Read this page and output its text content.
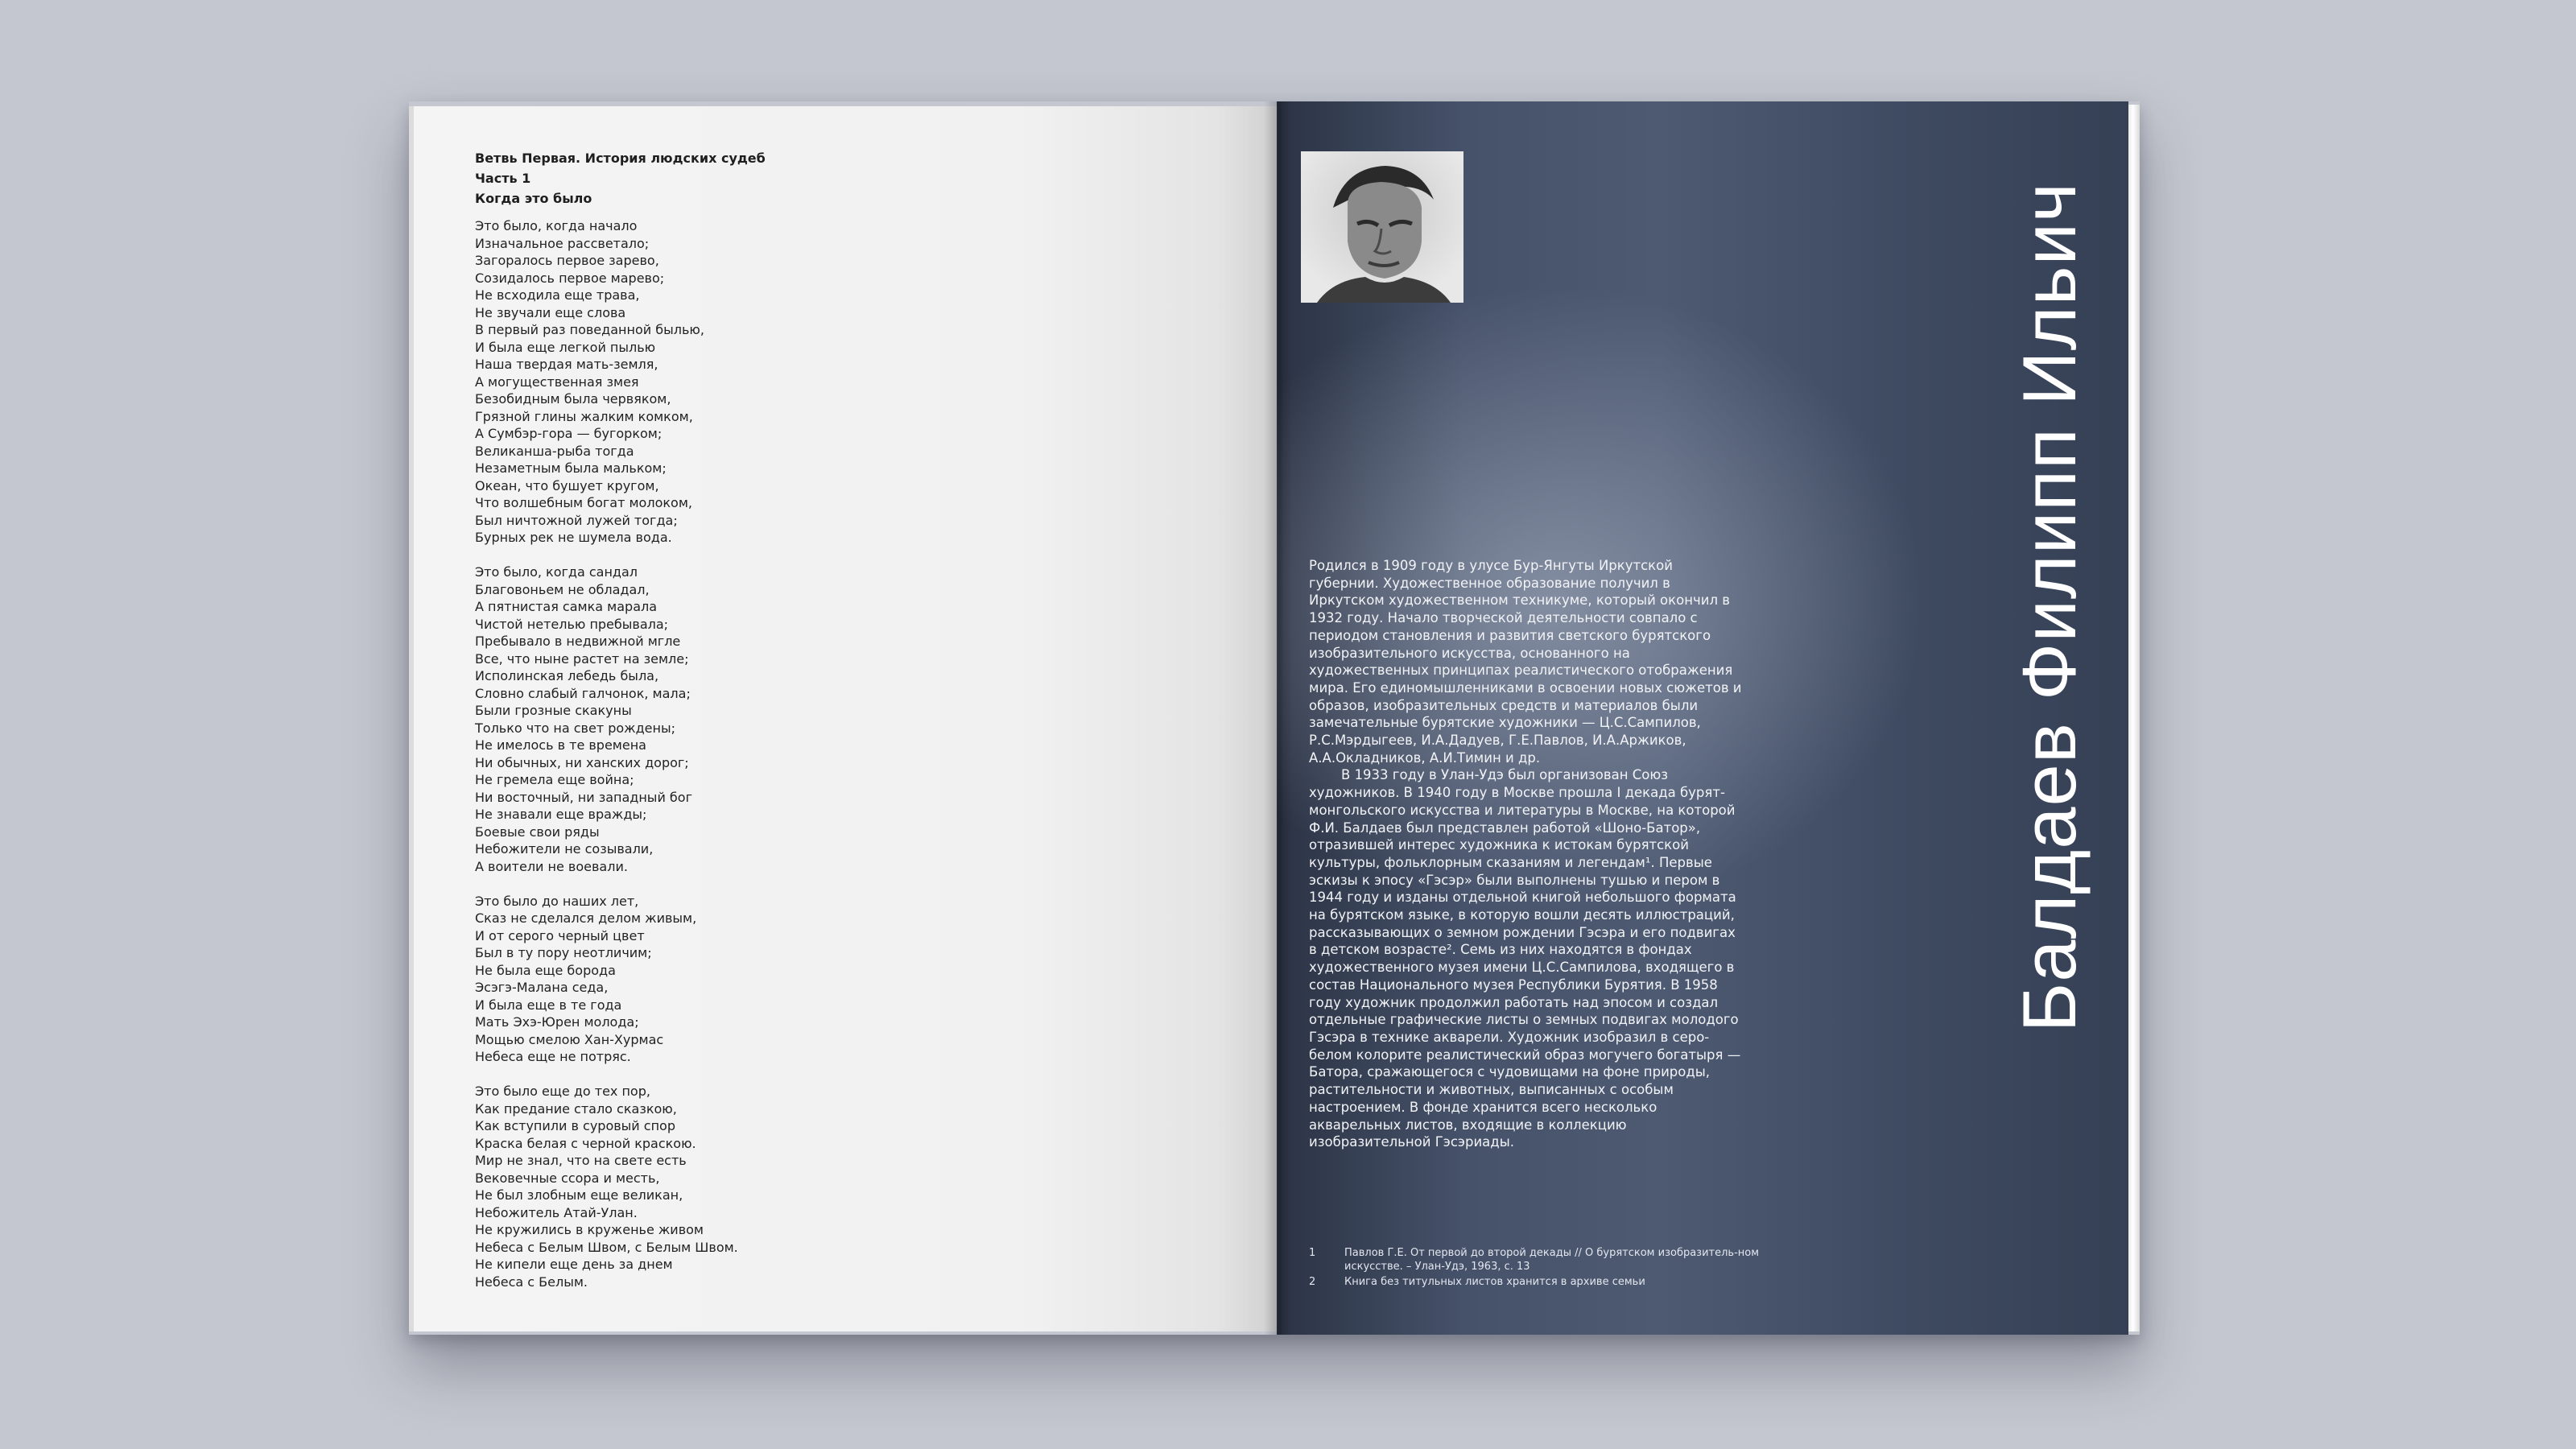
Ветвь Первая. История людских судеб
Часть 1
Когда это было
Это было, когда начало
Изначальное рассветало;
Загоралось первое зарево,
Созидалось первое марево;
Не всходила еще трава,
Не звучали еще слова
В первый раз поведанной былью,
И была еще легкой пылью
Наша твердая мать-земля,
А могущественная змея
Безобидным была червяком,
Грязной глины жалким комком,
А Сумбэр-гора — бугорком;
Великанша-рыба тогда
Незаметным была мальком;
Океан, что бушует кругом,
Что волшебным богат молоком,
Был ничтожной лужей тогда;
Бурных рек не шумела вода.
Это было, когда сандал
Благовоньем не обладал,
А пятнистая самка марала
Чистой нетелью пребывала;
Пребывало в недвижной мгле
Все, что ныне растет на земле;
Исполинская лебедь была,
Словно слабый галчонок, мала;
Были грозные скакуны
Только что на свет рождены;
Не имелось в те времена
Ни обычных, ни ханских дорог;
Не гремела еще война;
Ни восточный, ни западный бог
Не знавали еще вражды;
Боевые свои ряды
Небожители не созывали,
А воители не воевали.
Это было до наших лет,
Сказ не сделался делом живым,
И от серого черный цвет
Был в ту пору неотличим;
Не была еще борода
Эсэгэ-Малана седа,
И была еще в те года
Мать Эхэ-Юрен молода;
Мощью смелою Хан-Хурмас
Небеса еще не потряс.
Это было еще до тех пор,
Как предание стало сказкою,
Как вступили в суровый спор
Краска белая с черной краскою.
Мир не знал, что на свете есть
Вековечные ссора и месть,
Не был злобным еще великан,
Небожитель Атай-Улан.
Не кружились в круженье живом
Небеса с Белым Швом, с Белым Швом.
Не кипели еще день за днем
Небеса с Белым.

Родился в 1909 году в улусе Бур-Янгуты Иркутской губернии. Художественное образование получил в Иркутском художественном техникуме, который окончил в 1932 году. Начало творческой деятельности совпало с периодом становления и развития светского бурятского изобразительного искусства, основанного на художественных принципах реалистического отображения мира. Его единомышленниками в освоении новых сюжетов и образов, изобразительных средств и материалов были замечательные бурятские художники — Ц.С.Сампилов, Р.С.Мэрдыгеев, И.А.Дадуев, Г.Е.Павлов, И.А.Аржиков, А.А.Окладников, А.И.Тимин и др.

В 1933 году в Улан-Удэ был организован Союз художников. В 1940 году в Москве прошла I декада бурят-монгольского искусства и литературы в Москве, на которой Ф.И. Балдаев был представлен работой «Шоно-Батор», отразившей интерес художника к истокам бурятской культуры, фольклорным сказаниям и легендам¹. Первые эскизы к эпосу «Гэсэр» были выполнены тушью и пером в 1944 году и изданы отдельной книгой небольшого формата на бурятском языке, в которую вошли десять иллюстраций, рассказывающих о земном рождении Гэсэра и его подвигах в детском возрасте². Семь из них находятся в фондах художественного музея имени Ц.С.Сампилова, входящего в состав Национального музея Республики Бурятия. В 1958 году художник продолжил работать над эпосом и создал отдельные графические листы о земных подвигах молодого Гэсэра в технике акварели. Художник изобразил в серо-белом колорите реалистический образ могучего богатыря — Батора, сражающегося с чудовищами на фоне природы, растительности и животных, выписанных с особым настроением. В фонде хранится всего несколько акварельных листов, входящие в коллекцию изобразительной Гэсэриады.

1	Павлов Г.Е. От первой до второй декады // О бурятском изобразитель-ном искусстве. – Улан-Удэ, 1963, с. 13
2	Книга без титульных листов хранится в архиве семьи
Балдаев Филипп Ильич
